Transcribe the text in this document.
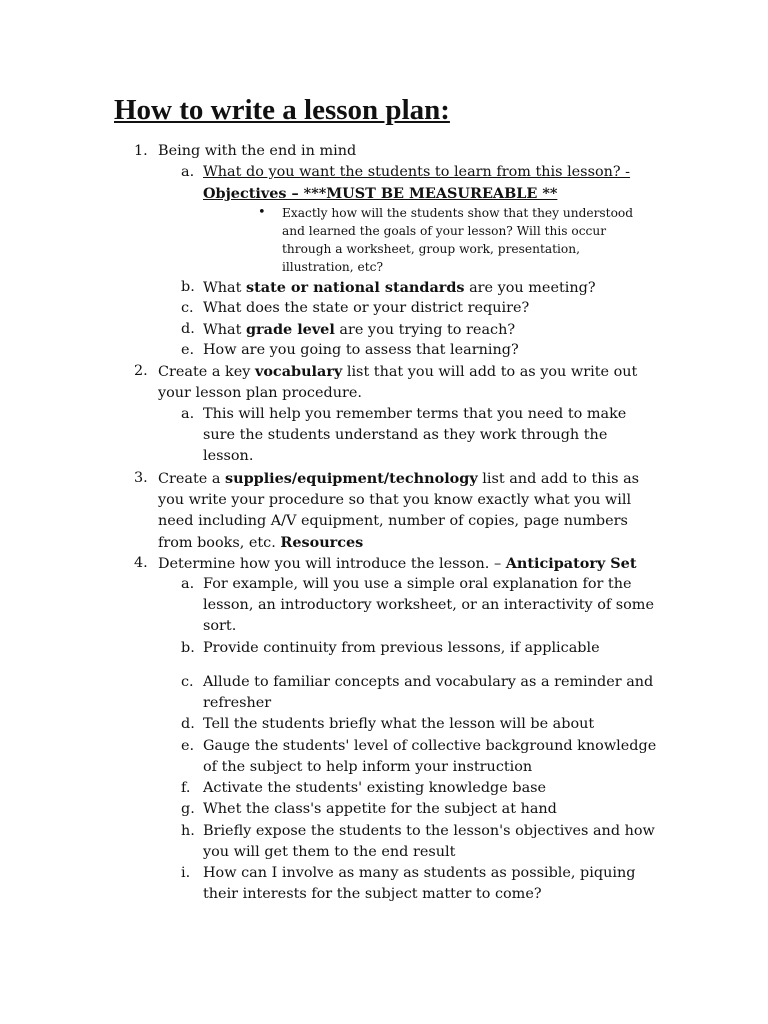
How to write a lesson plan:
1. Being with the end in mind
a. What do you want the students to learn from this lesson? - Objectives – ***MUST BE MEASUREABLE **
• Exactly how will the students show that they understood and learned the goals of your lesson? Will this occur through a worksheet, group work, presentation, illustration, etc?
b. What state or national standards are you meeting?
c. What does the state or your district require?
d. What grade level are you trying to reach?
e. How are you going to assess that learning?
2. Create a key vocabulary list that you will add to as you write out your lesson plan procedure.
a. This will help you remember terms that you need to make sure the students understand as they work through the lesson.
3. Create a supplies/equipment/technology list and add to this as you write your procedure so that you know exactly what you will need including A/V equipment, number of copies, page numbers from books, etc. Resources
4. Determine how you will introduce the lesson. – Anticipatory Set
a. For example, will you use a simple oral explanation for the lesson, an introductory worksheet, or an interactivity of some sort.
b. Provide continuity from previous lessons, if applicable
c. Allude to familiar concepts and vocabulary as a reminder and refresher
d. Tell the students briefly what the lesson will be about
e. Gauge the students' level of collective background knowledge of the subject to help inform your instruction
f. Activate the students' existing knowledge base
g. Whet the class's appetite for the subject at hand
h. Briefly expose the students to the lesson's objectives and how you will get them to the end result
i. How can I involve as many as students as possible, piquing their interests for the subject matter to come?
